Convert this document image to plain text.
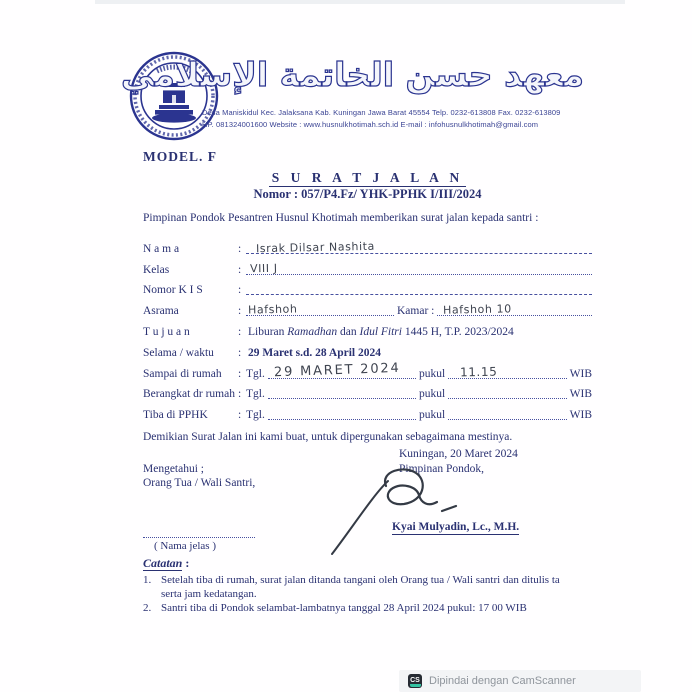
معهد حسن الخاتمة الإسلامي
Desa Maniskidul Kec. Jalaksana Kab. Kuningan Jawa Barat 45554 Telp. 0232-613808 Fax. 0232-613809
HP. 081324001600 Website : www.husnulkhotimah.sch.id E-mail : infohusnulkhotimah@gmail.com
MODEL. F
S U R A T J A L A N
Nomor : 057/P4.Fz/ YHK-PPHK I/III/2024
Pimpinan Pondok Pesantren Husnul Khotimah memberikan surat jalan kepada santri :
N a m a	:	Israk Dilsar Nashita
Kelas	: VIII J
Nomor K I S	:
Asrama	: Hafshoh	Kamar : Hafshoh 10
T u j u a n	: Liburan Ramadhan dan Idul Fitri 1445 H, T.P. 2023/2024
Selama / waktu	: 29 Maret s.d. 28 April 2024
Sampai di rumah	: Tgl. 29 MARET 2024 pukul 11.15	WIB
Berangkat dr rumah : Tgl.	pukul	WIB
Tiba di PPHK	: Tgl.	pukul	WIB
Demikian Surat Jalan ini kami buat, untuk dipergunakan sebagaimana mestinya.
Kuningan, 20 Maret 2024
Mengetahui ;	Pimpinan Pondok,
Orang Tua / Wali Santri,
( Nama jelas )
Kyai Mulyadin, Lc., M.H.
Catatan :
1. Setelah tiba di rumah, surat jalan ditanda tangani oleh Orang tua / Wali santri dan ditulis ta
serta jam kedatangan.
2. Santri tiba di Pondok selambat-lambatnya tanggal 28 April 2024 pukul: 17 00 WIB
CS Dipindai dengan CamScanner
